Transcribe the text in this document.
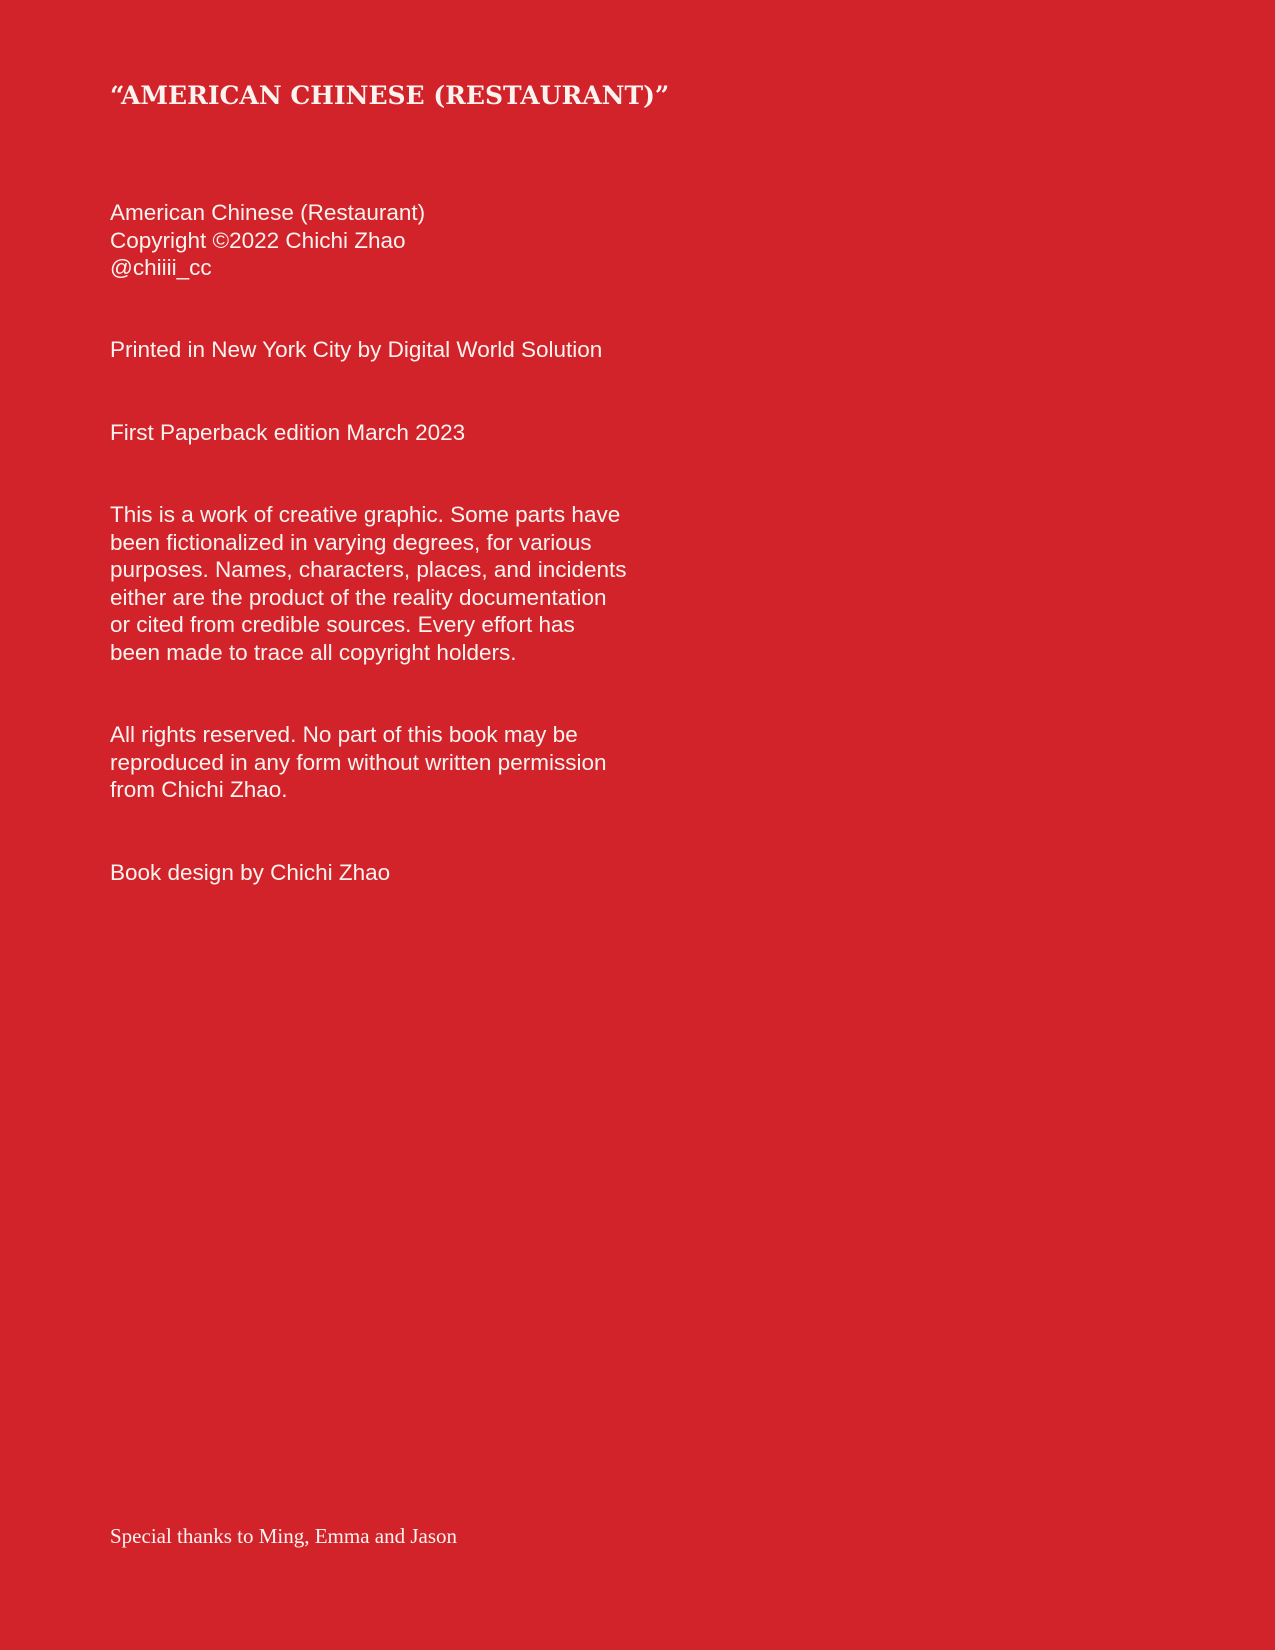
“AMERICAN CHINESE (RESTAURANT)”

American Chinese (Restaurant)
Copyright ©2022 Chichi Zhao
@chiiii_cc

Printed in New York City by Digital World Solution

First Paperback edition March 2023

This is a work of creative graphic. Some parts have
been fictionalized in varying degrees, for various
purposes. Names, characters, places, and incidents
either are the product of the reality documentation
or cited from credible sources. Every effort has
been made to trace all copyright holders.

All rights reserved. No part of this book may be
reproduced in any form without written permission
from Chichi Zhao.

Book design by Chichi Zhao

Special thanks to Ming, Emma and Jason
